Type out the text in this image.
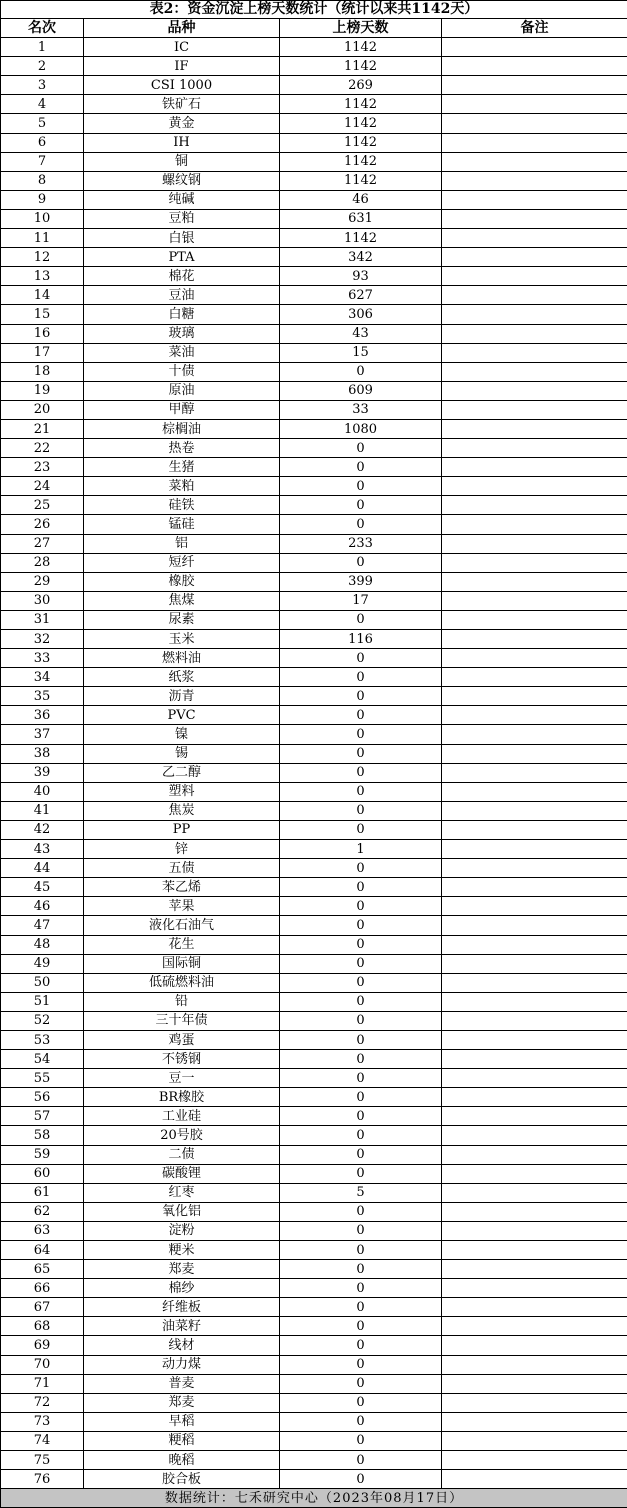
表2：资金沉淀上榜天数统计（统计以来共1142天）			
名次	品种	上榜天数	备注
1	IC	1142	
2	IF	1142	
3	CSI 1000	269	
4	铁矿石	1142	
5	黄金	1142	
6	IH	1142	
7	铜	1142	
8	螺纹钢	1142	
9	纯碱	46	
10	豆粕	631	
11	白银	1142	
12	PTA	342	
13	棉花	93	
14	豆油	627	
15	白糖	306	
16	玻璃	43	
17	菜油	15	
18	十债	0	
19	原油	609	
20	甲醇	33	
21	棕榈油	1080	
22	热卷	0	
23	生猪	0	
24	菜粕	0	
25	硅铁	0	
26	锰硅	0	
27	铝	233	
28	短纤	0	
29	橡胶	399	
30	焦煤	17	
31	尿素	0	
32	玉米	116	
33	燃料油	0	
34	纸浆	0	
35	沥青	0	
36	PVC	0	
37	镍	0	
38	锡	0	
39	乙二醇	0	
40	塑料	0	
41	焦炭	0	
42	PP	0	
43	锌	1	
44	五债	0	
45	苯乙烯	0	
46	苹果	0	
47	液化石油气	0	
48	花生	0	
49	国际铜	0	
50	低硫燃料油	0	
51	铅	0	
52	三十年债	0	
53	鸡蛋	0	
54	不锈钢	0	
55	豆一	0	
56	BR橡胶	0	
57	工业硅	0	
58	20号胶	0	
59	二债	0	
60	碳酸锂	0	
61	红枣	5	
62	氧化铝	0	
63	淀粉	0	
64	粳米	0	
65	郑麦	0	
66	棉纱	0	
67	纤维板	0	
68	油菜籽	0	
69	线材	0	
70	动力煤	0	
71	普麦	0	
72	郑麦	0	
73	早稻	0	
74	粳稻	0	
75	晚稻	0	
76	胶合板	0	
数据统计：七禾研究中心（2023年08月17日）			
